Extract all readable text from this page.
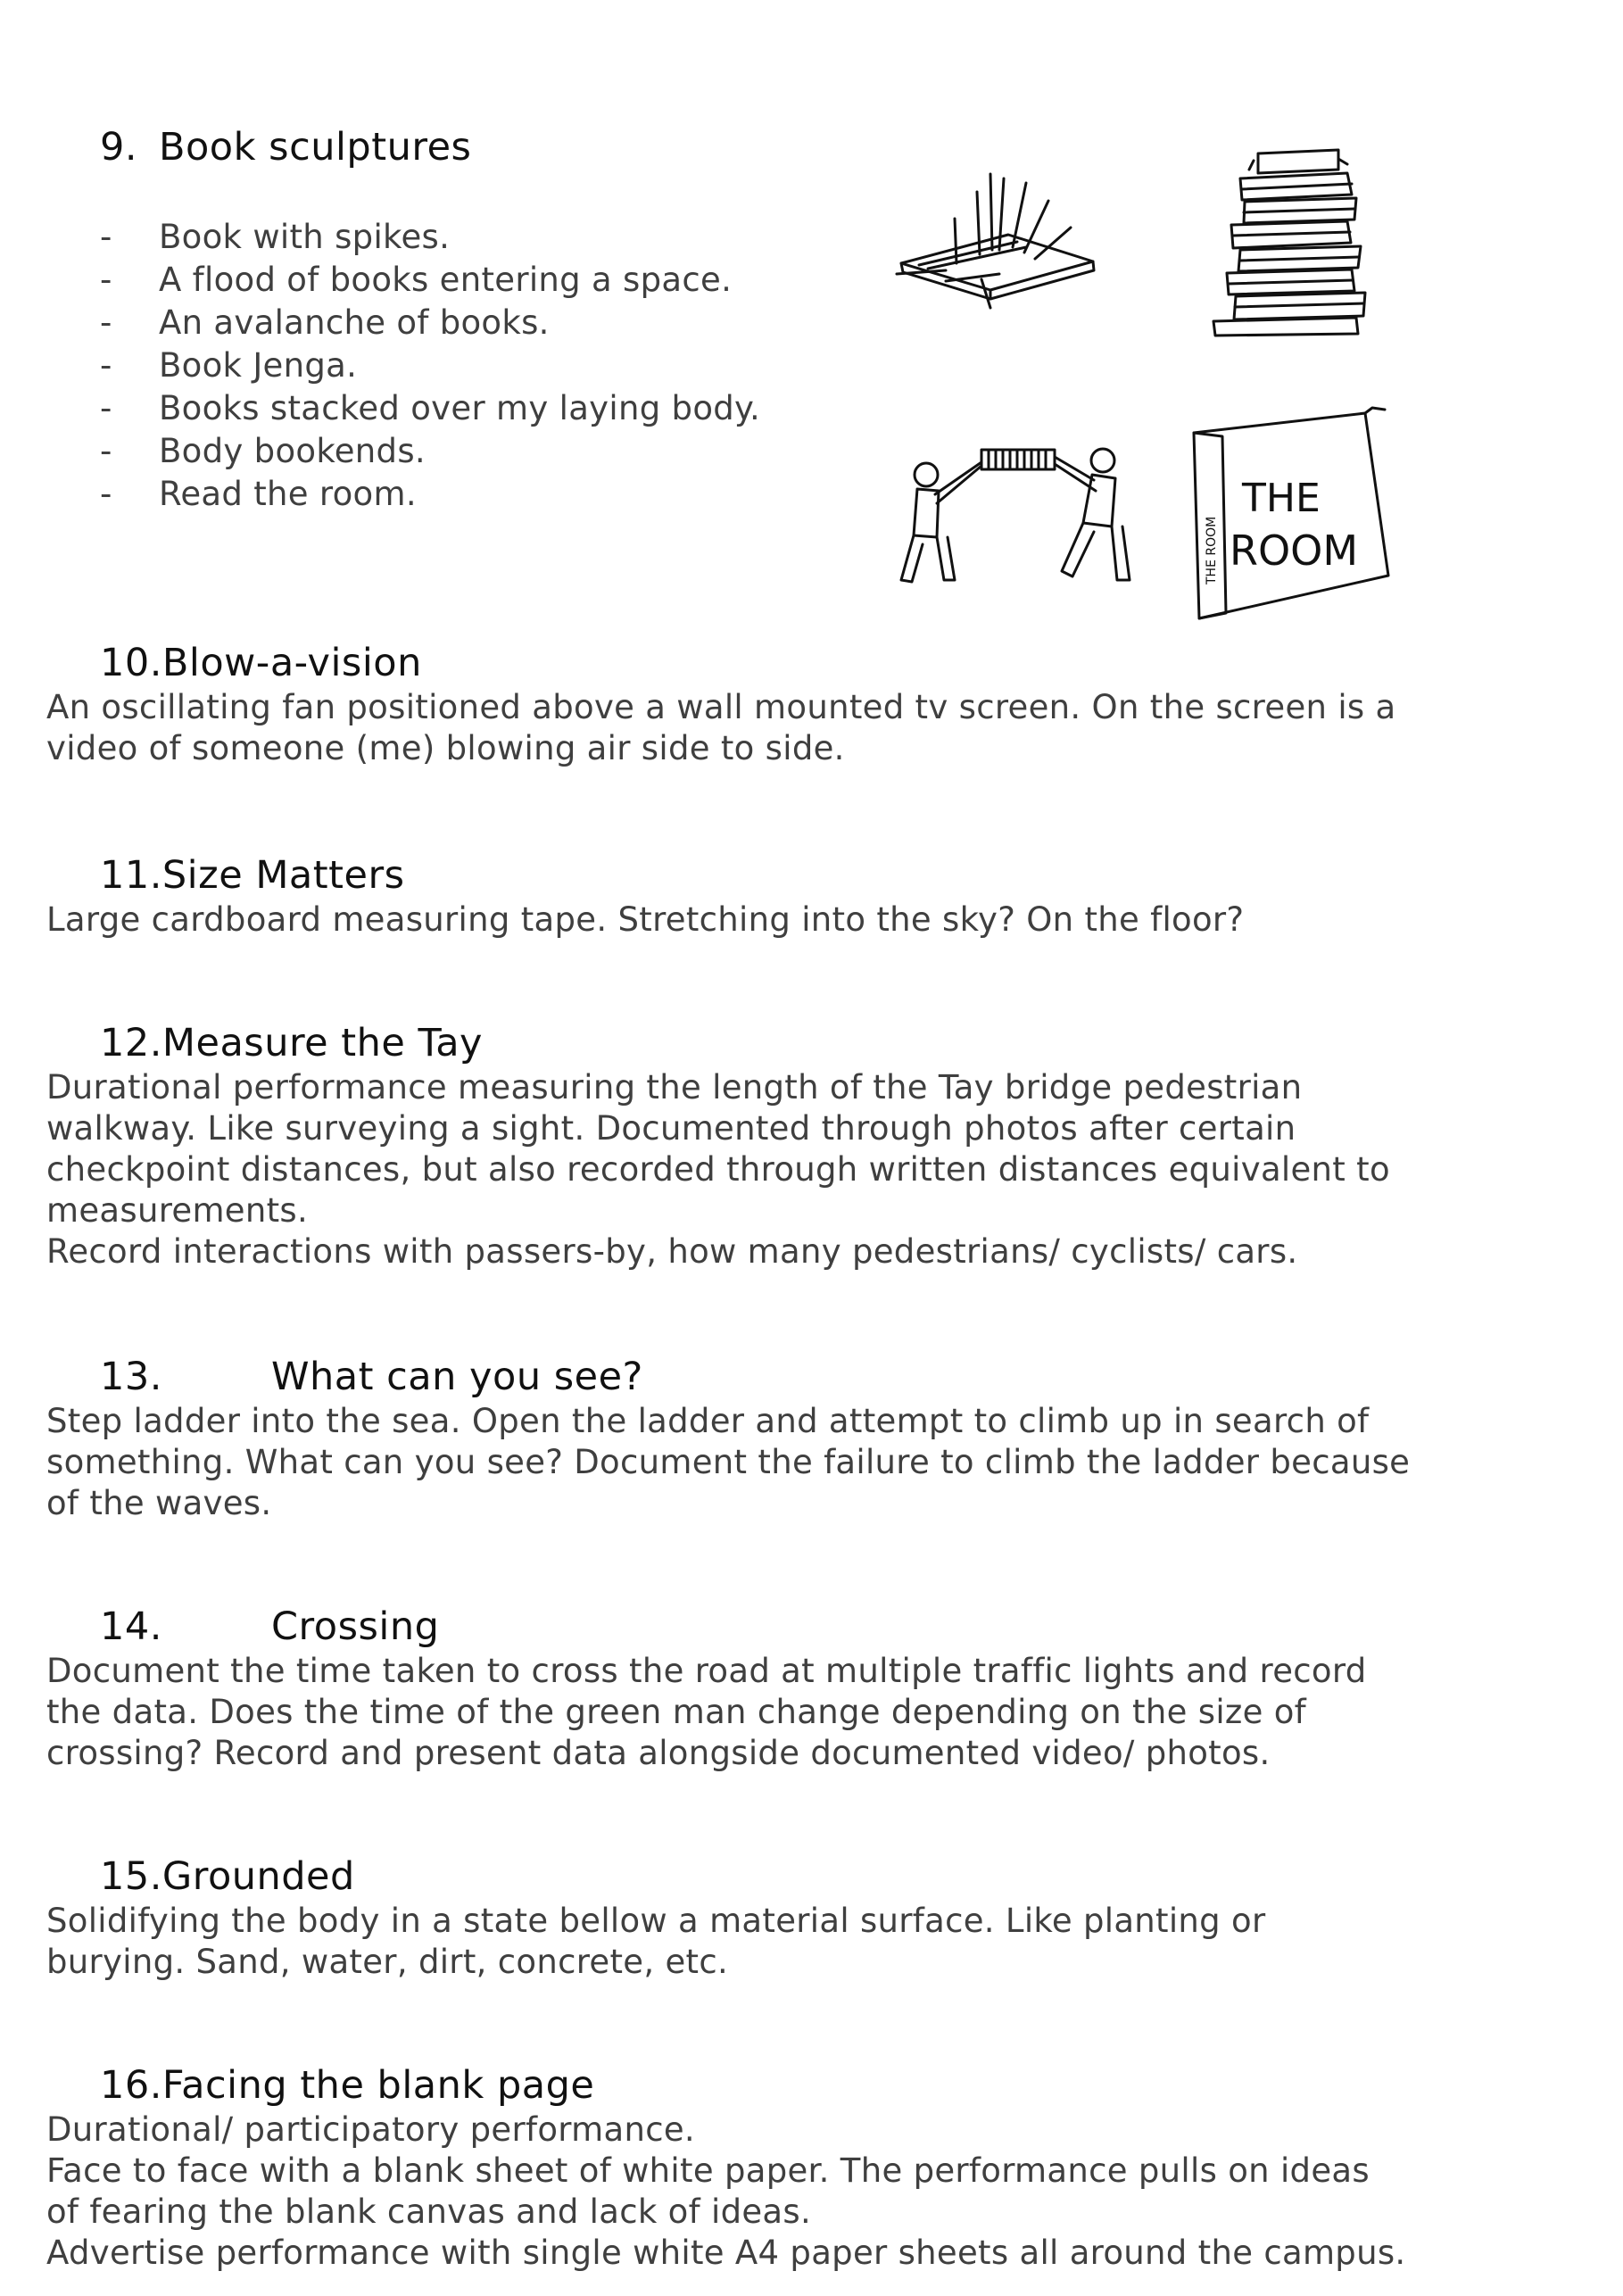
9. Book sculptures
- Book with spikes.
- A flood of books entering a space.
- An avalanche of books.
- Book Jenga.
- Books stacked over my laying body.
- Body bookends.
- Read the room.	THE
ROOM
THE ROOM
10.Blow-a-vision
An oscillating fan positioned above a wall mounted tv screen. On the screen is a
video of someone (me) blowing air side to side.
11.Size Matters
Large cardboard measuring tape. Stretching into the sky? On the floor?
12.Measure the Tay
Durational performance measuring the length of the Tay bridge pedestrian
walkway. Like surveying a sight. Documented through photos after certain
checkpoint distances, but also recorded through written distances equivalent to
measurements.
Record interactions with passers-by, how many pedestrians/ cyclists/ cars.
13.	What can you see?
Step ladder into the sea. Open the ladder and attempt to climb up in search of
something. What can you see? Document the failure to climb the ladder because
of the waves.
14.	Crossing
Document the time taken to cross the road at multiple traffic lights and record
the data. Does the time of the green man change depending on the size of
crossing? Record and present data alongside documented video/ photos.
15.Grounded
Solidifying the body in a state bellow a material surface. Like planting or
burying. Sand, water, dirt, concrete, etc.
16.Facing the blank page
Durational/ participatory performance.
Face to face with a blank sheet of white paper. The performance pulls on ideas
of fearing the blank canvas and lack of ideas.
Advertise performance with single white A4 paper sheets all around the campus.
